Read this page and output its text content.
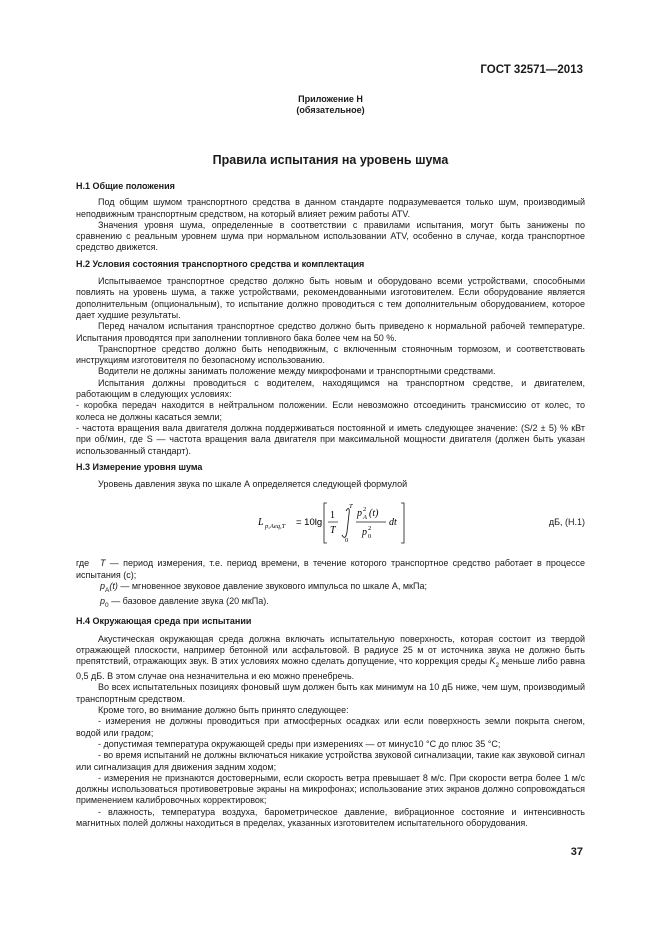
ГОСТ 32571—2013
Приложение Н
(обязательное)
Правила испытания на уровень шума
Н.1 Общие положения

Под общим шумом транспортного средства в данном стандарте подразумевается только шум, производимый неподвижным транспортным средством, на который влияет режим работы ATV.

Значения уровня шума, определенные в соответствии с правилами испытания, могут быть занижены по сравнению с реальным уровнем шума при нормальном использовании ATV, особенно в случае, когда транспортное средство движется.

Н.2 Условия состояния транспортного средства и комплектация

Испытываемое транспортное средство должно быть новым и оборудовано всеми устройствами, способными повлиять на уровень шума, а также устройствами, рекомендованными изготовителем. Если оборудование является дополнительным (опциональным), то испытание должно проводиться с тем дополнительным оборудованием, которое дает худшие результаты.

Перед началом испытания транспортное средство должно быть приведено к нормальной рабочей температуре. Испытания проводятся при заполнении топливного бака более чем на 50 %.

Транспортное средство должно быть неподвижным, с включенным стояночным тормозом, и соответствовать инструкциям изготовителя по безопасному использованию.

Водители не должны занимать положение между микрофонами и транспортными средствами.

Испытания должны проводиться с водителем, находящимся на транспортном средстве, и двигателем, работающим в следующих условиях:

- коробка передач находится в нейтральном положении. Если невозможно отсоединить трансмиссию от колес, то колеса не должны касаться земли;

- частота вращения вала двигателя должна поддерживаться постоянной и иметь следующее значение: (S/2 ± 5) % кВт при об/мин, где S — частота вращения вала двигателя при максимальной мощности двигателя (должен быть указан использованный стандарт).

Н.3 Измерение уровня шума

Уровень давления звука по шкале А определяется следующей формулой

L p,Aeq,T = 10lg
1
T
T
0
p 2
A (t)
p 2
0
dt	дБ, (Н.1)

где T — период измерения, т.е. период времени, в течение которого транспортное средство работает в процессе испытания (с);

$p_A(t)$ — мгновенное звуковое давление звукового импульса по шкале А, мкПа;

$p_0$ — базовое давление звука (20 мкПа).

Н.4 Окружающая среда при испытании

Акустическая окружающая среда должна включать испытательную поверхность, которая состоит из твердой отражающей плоскости, например бетонной или асфальтовой. В радиусе 25 м от источника звука не должно быть препятствий, отражающих звук. В этих условиях можно сделать допущение, что коррекция среды $K_2$ меньше либо равна 0,5 дБ. В этом случае она незначительна и ею можно пренебречь.

Во всех испытательных позициях фоновый шум должен быть как минимум на 10 дБ ниже, чем шум, производимый транспортным средством.

Кроме того, во внимание должно быть принято следующее:

- измерения не должны проводиться при атмосферных осадках или если поверхность земли покрыта снегом, водой или градом;

- допустимая температура окружающей среды при измерениях — от минус10 °С до плюс 35 °С;

- во время испытаний не должны включаться никакие устройства звуковой сигнализации, такие как звуковой сигнал или сигнализация для движения задним ходом;

- измерения не признаются достоверными, если скорость ветра превышает 8 м/с. При скорости ветра более 1 м/с должны использоваться противоветровые экраны на микрофонах; использование этих экранов должно сопровождаться применением калибровочных корректировок;

- влажность, температура воздуха, барометрическое давление, вибрационное состояние и интенсивность магнитных полей должны находиться в пределах, указанных изготовителем испытательного оборудования.

37
